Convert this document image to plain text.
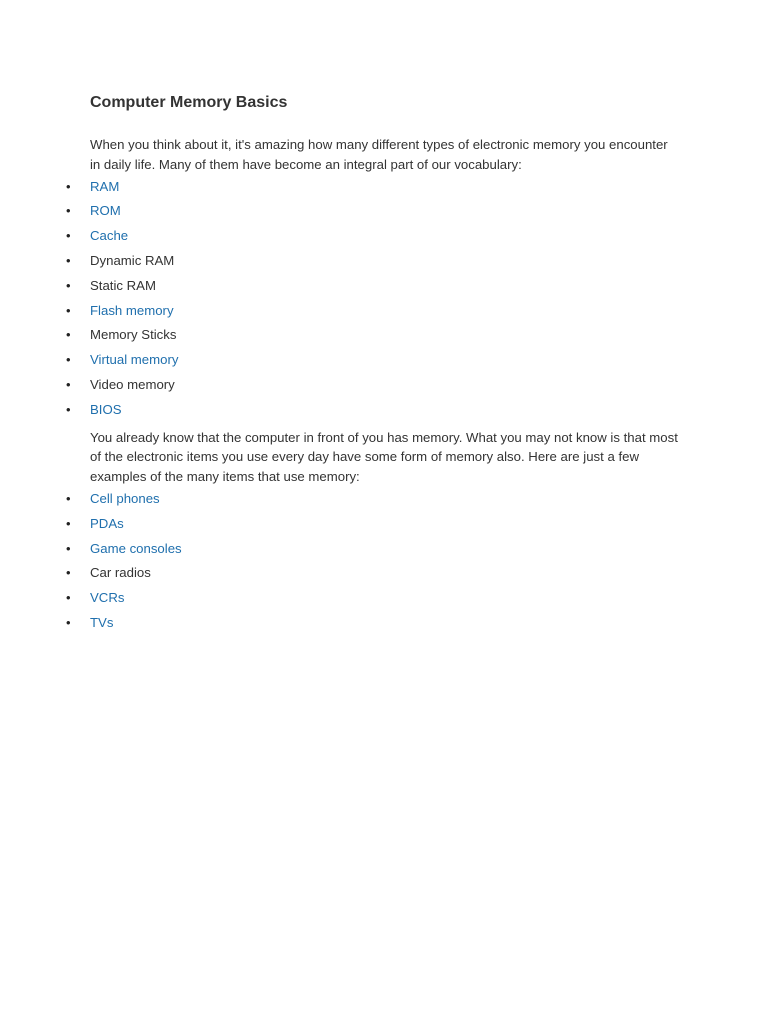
Computer Memory Basics

When you think about it, it's amazing how many different types of electronic memory you encounter in daily life. Many of them have become an integral part of our vocabulary:

• RAM
• ROM
• Cache
• Dynamic RAM
• Static RAM
• Flash memory
• Memory Sticks
• Virtual memory
• Video memory
• BIOS

You already know that the computer in front of you has memory. What you may not know is that most of the electronic items you use every day have some form of memory also. Here are just a few examples of the many items that use memory:

• Cell phones
• PDAs
• Game consoles
• Car radios
• VCRs
• TVs
